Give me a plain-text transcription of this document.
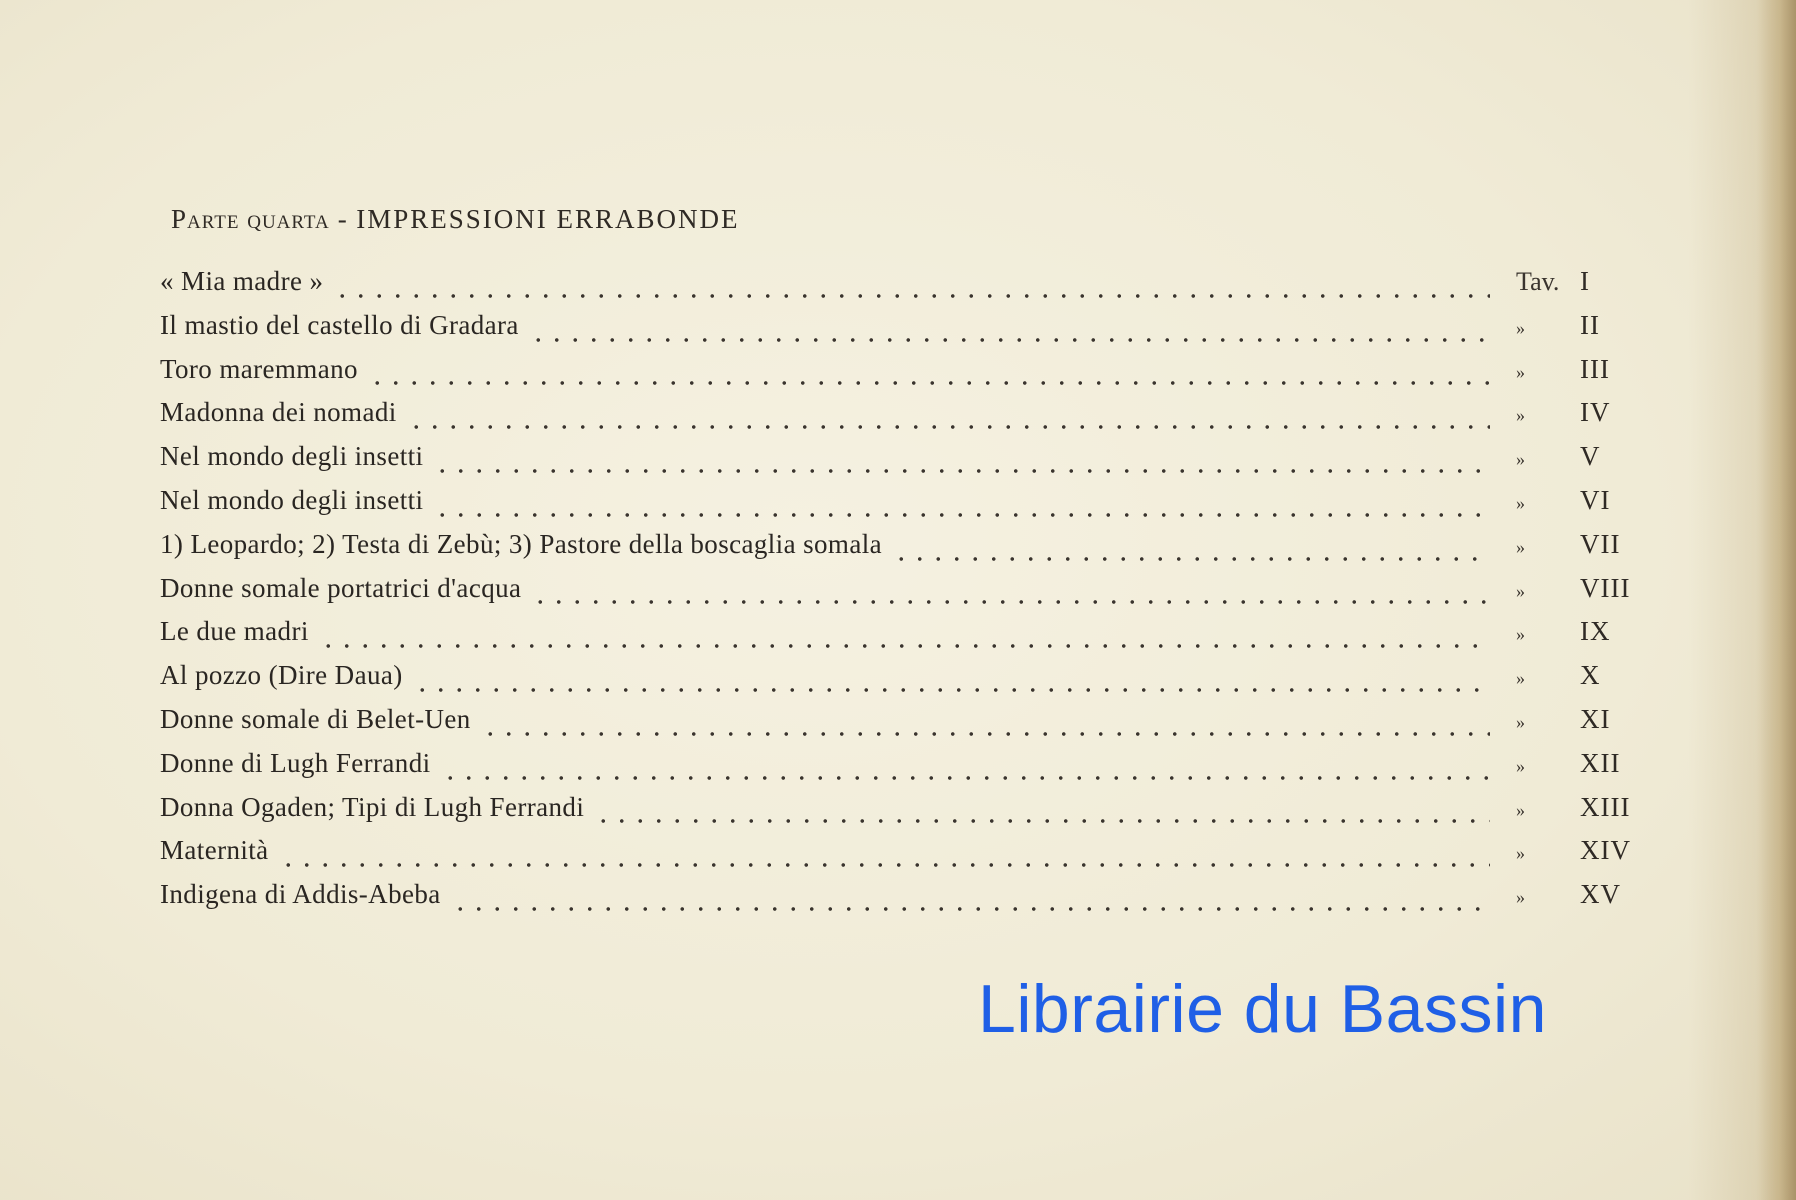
Parte quarta - IMPRESSIONI ERRABONDE
« Mia madre »	Tav. I
Il mastio del castello di Gradara	»	II
Toro maremmano	»	III
Madonna dei nomadi	»	IV
Nel mondo degli insetti	»	V
Nel mondo degli insetti	»	VI
1) Leopardo; 2) Testa di Zebù; 3) Pastore della boscaglia somala	»	VII
Donne somale portatrici d'acqua	»	VIII
Le due madri	»	IX
Al pozzo (Dire Daua)	»	X
Donne somale di Belet-Uen	»	XI
Donne di Lugh Ferrandi	»	XII
Donna Ogaden; Tipi di Lugh Ferrandi	»	XIII
Maternità	»	XIV
Indigena di Addis-Abeba	»	XV
Librairie du Bassin
